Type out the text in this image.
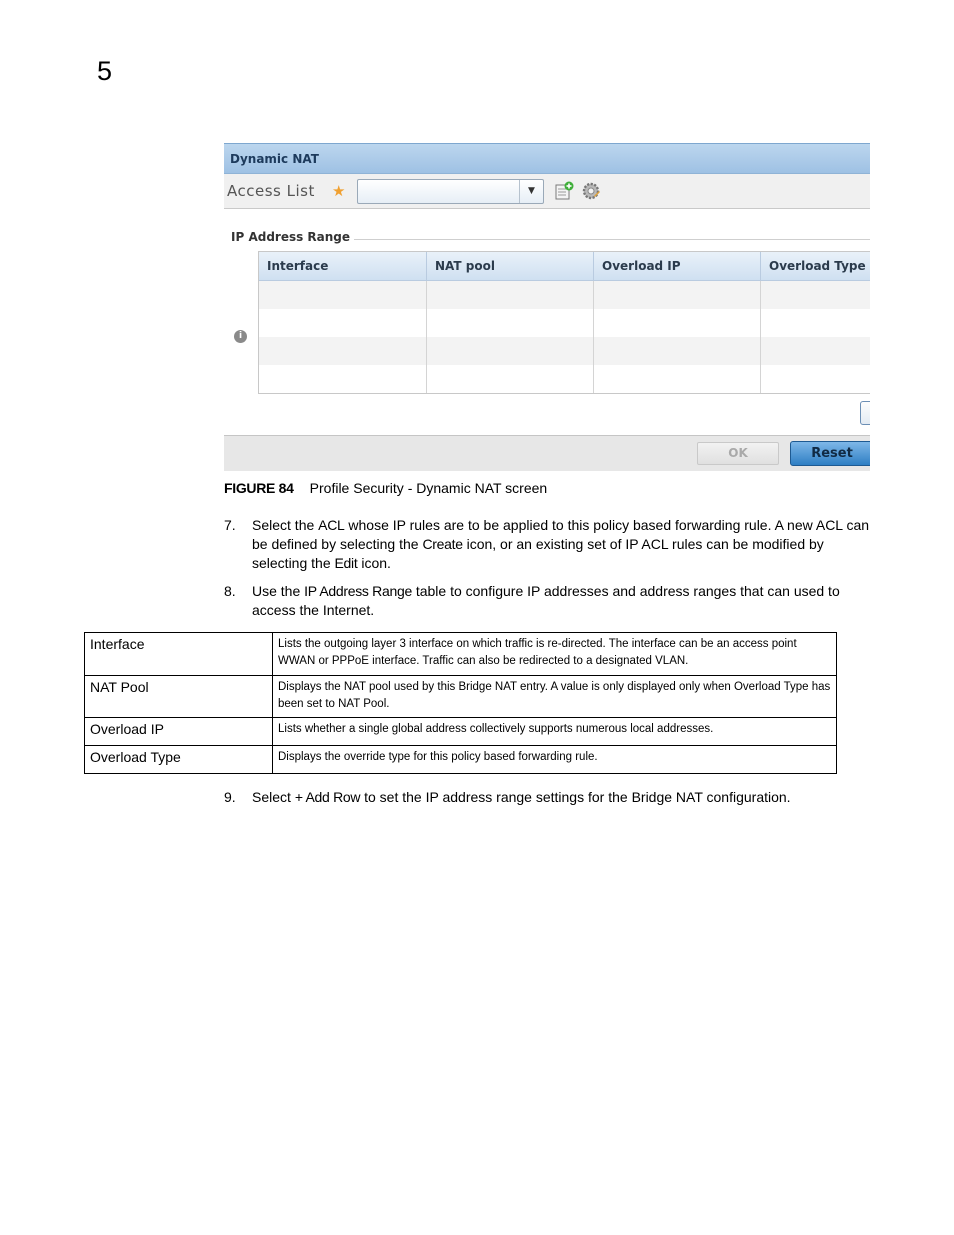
5
Dynamic NAT
Access List ★	▼
IP Address Range
i
Interface	NAT pool	Overload IP	Overload Type
OK	Reset
FIGURE 84 Profile Security - Dynamic NAT screen
7. Select the ACL whose IP rules are to be applied to this policy based forwarding rule. A new ACL can be defined by selecting the Create icon, or an existing set of IP ACL rules can be modified by selecting the Edit icon.
8. Use the IP Address Range table to configure IP addresses and address ranges that can used to access the Internet.
Interface	Lists the outgoing layer 3 interface on which traffic is re-directed. The interface can be an access point WWAN or PPPoE interface. Traffic can also be redirected to a designated VLAN.
NAT Pool	Displays the NAT pool used by this Bridge NAT entry. A value is only displayed only when Overload Type has been set to NAT Pool.
Overload IP	Lists whether a single global address collectively supports numerous local addresses.
Overload Type	Displays the override type for this policy based forwarding rule.
9. Select + Add Row to set the IP address range settings for the Bridge NAT configuration.
